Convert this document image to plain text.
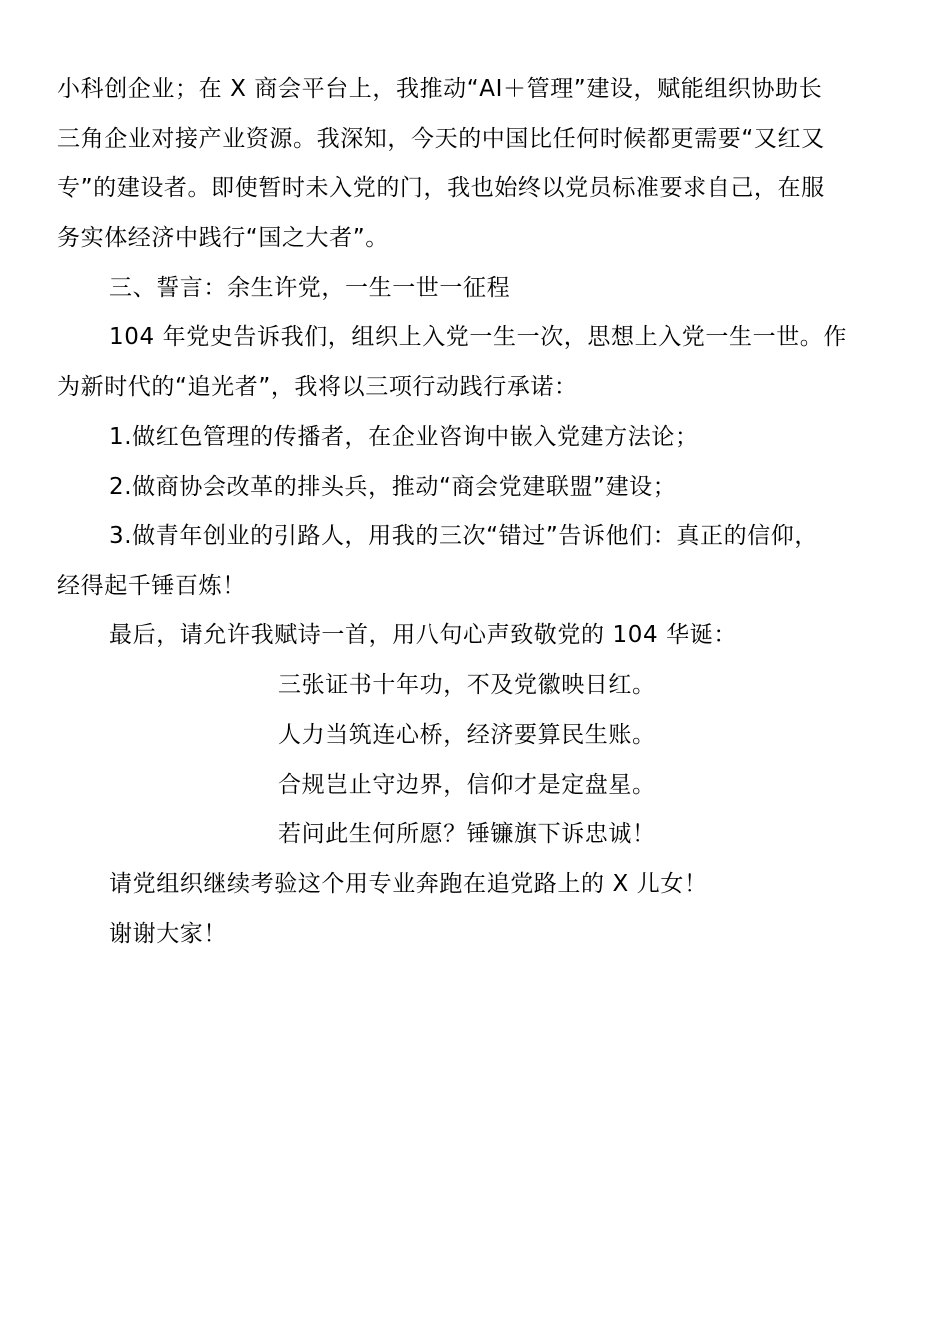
小科创企业；在 X 商会平台上，我推动“AI＋管理”建设，赋能组织协助长
三角企业对接产业资源。我深知，今天的中国比任何时候都更需要“又红又
专”的建设者。即使暂时未入党的门，我也始终以党员标准要求自己，在服
务实体经济中践行“国之大者”。
三、誓言：余生许党，一生一世一征程
104 年党史告诉我们，组织上入党一生一次，思想上入党一生一世。作
为新时代的“追光者”，我将以三项行动践行承诺：
1.做红色管理的传播者，在企业咨询中嵌入党建方法论；
2.做商协会改革的排头兵，推动“商会党建联盟”建设；
3.做青年创业的引路人，用我的三次“错过”告诉他们：真正的信仰，
经得起千锤百炼！
最后，请允许我赋诗一首，用八句心声致敬党的 104 华诞：
三张证书十年功，不及党徽映日红。
人力当筑连心桥，经济要算民生账。
合规岂止守边界，信仰才是定盘星。
若问此生何所愿？锤镰旗下诉忠诚！
请党组织继续考验这个用专业奔跑在追党路上的 X 儿女！
谢谢大家！
